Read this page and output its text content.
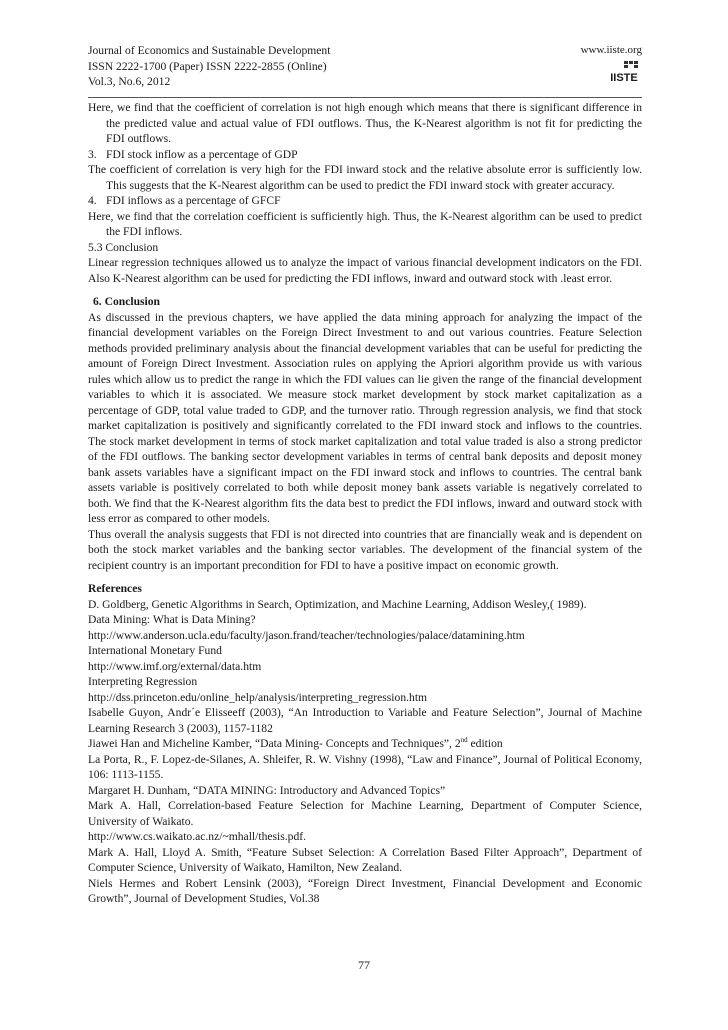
Journal of Economics and Sustainable Development
ISSN 2222-1700 (Paper) ISSN 2222-2855 (Online)
Vol.3, No.6, 2012
www.iiste.org
IISTE

Here, we find that the coefficient of correlation is not high enough which means that there is significant difference in the predicted value and actual value of FDI outflows. Thus, the K-Nearest algorithm is not fit for predicting the FDI outflows.

3. FDI stock inflow as a percentage of GDP

The coefficient of correlation is very high for the FDI inward stock and the relative absolute error is sufficiently low. This suggests that the K-Nearest algorithm can be used to predict the FDI inward stock with greater accuracy.

4. FDI inflows as a percentage of GFCF

Here, we find that the correlation coefficient is sufficiently high. Thus, the K-Nearest algorithm can be used to predict the FDI inflows.

5.3 Conclusion

Linear regression techniques allowed us to analyze the impact of various financial development indicators on the FDI. Also K-Nearest algorithm can be used for predicting the FDI inflows, inward and outward stock with .least error.

6. Conclusion

As discussed in the previous chapters, we have applied the data mining approach for analyzing the impact of the financial development variables on the Foreign Direct Investment to and out various countries. Feature Selection methods provided preliminary analysis about the financial development variables that can be useful for predicting the amount of Foreign Direct Investment. Association rules on applying the Apriori algorithm provide us with various rules which allow us to predict the range in which the FDI values can lie given the range of the financial development variables to which it is associated. We measure stock market development by stock market capitalization as a percentage of GDP, total value traded to GDP, and the turnover ratio. Through regression analysis, we find that stock market capitalization is positively and significantly correlated to the FDI inward stock and inflows to the countries. The stock market development in terms of stock market capitalization and total value traded is also a strong predictor of the FDI outflows. The banking sector development variables in terms of central bank deposits and deposit money bank assets variables have a significant impact on the FDI inward stock and inflows to countries. The central bank assets variable is positively correlated to both while deposit money bank assets variable is negatively correlated to both. We find that the K-Nearest algorithm fits the data best to predict the FDI inflows, inward and outward stock with less error as compared to other models.

Thus overall the analysis suggests that FDI is not directed into countries that are financially weak and is dependent on both the stock market variables and the banking sector variables. The development of the financial system of the recipient country is an important precondition for FDI to have a positive impact on economic growth.

References

D. Goldberg, Genetic Algorithms in Search, Optimization, and Machine Learning, Addison Wesley,( 1989).

Data Mining: What is Data Mining?

http://www.anderson.ucla.edu/faculty/jason.frand/teacher/technologies/palace/datamining.htm

International Monetary Fund

http://www.imf.org/external/data.htm

Interpreting Regression

http://dss.princeton.edu/online_help/analysis/interpreting_regression.htm

Isabelle Guyon, Andr´e Elisseeff (2003), “An Introduction to Variable and Feature Selection”, Journal of Machine Learning Research 3 (2003), 1157-1182

Jiawei Han and Micheline Kamber, “Data Mining- Concepts and Techniques”, 2nd edition

La Porta, R., F. Lopez-de-Silanes, A. Shleifer, R. W. Vishny (1998), “Law and Finance”, Journal of Political Economy, 106: 1113-1155.

Margaret H. Dunham, “DATA MINING: Introductory and Advanced Topics”

Mark A. Hall, Correlation-based Feature Selection for Machine Learning, Department of Computer Science, University of Waikato.

http://www.cs.waikato.ac.nz/~mhall/thesis.pdf.

Mark A. Hall, Lloyd A. Smith, “Feature Subset Selection: A Correlation Based Filter Approach”, Department of Computer Science, University of Waikato, Hamilton, New Zealand.

Niels Hermes and Robert Lensink (2003), “Foreign Direct Investment, Financial Development and Economic Growth”, Journal of Development Studies, Vol.38

77
